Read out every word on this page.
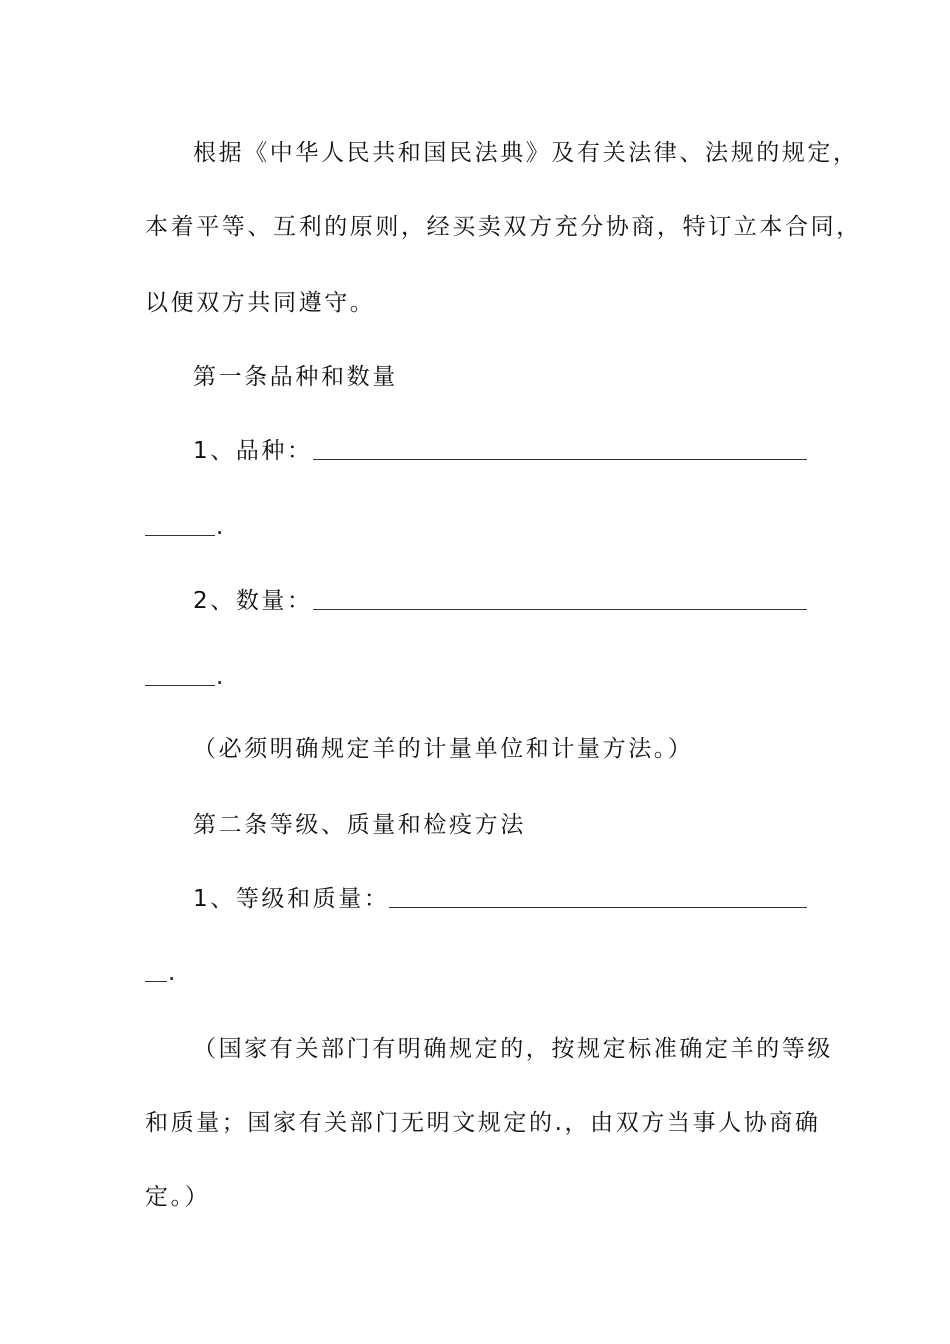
根据《中华人民共和国民法典》及有关法律、法规的规定，
本着平等、互利的原则，经买卖双方充分协商，特订立本合同，
以便双方共同遵守。
第一条品种和数量
1、品种：
.
2、数量：
.
（必须明确规定羊的计量单位和计量方法。）
第二条等级、质量和检疫方法
1、等级和质量：
.
（国家有关部门有明确规定的，按规定标准确定羊的等级
和质量；国家有关部门无明文规定的.，由双方当事人协商确
定。）
